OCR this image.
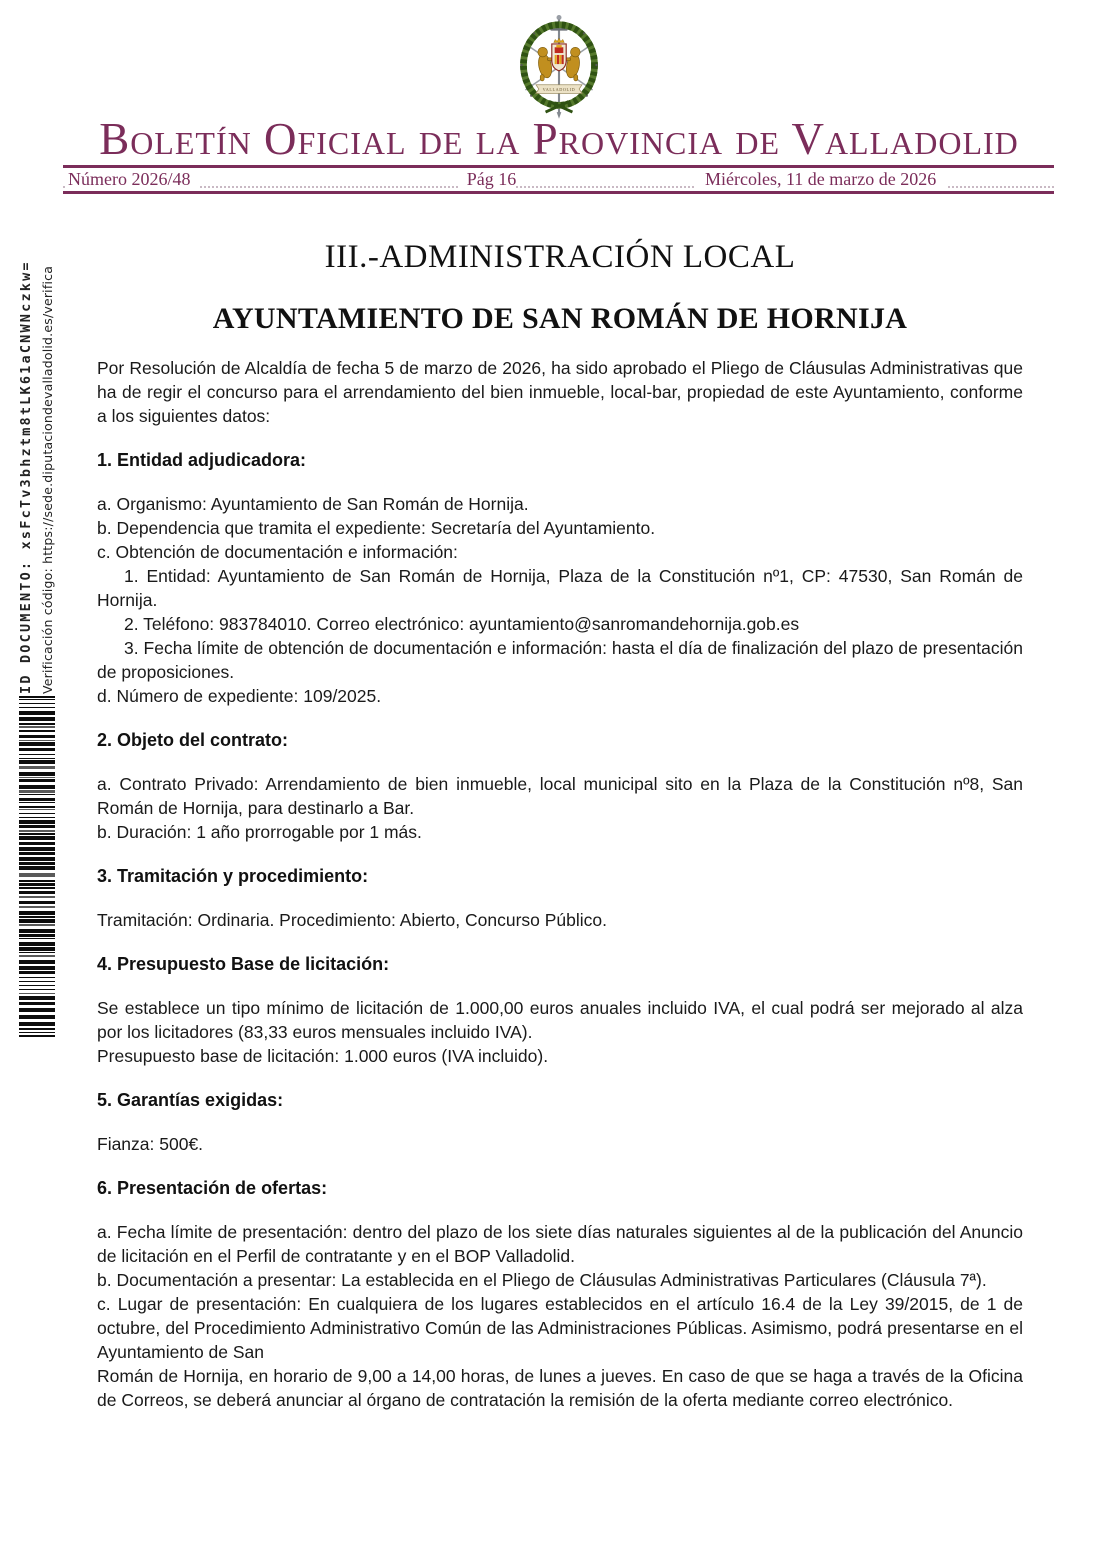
ID DOCUMENTO: xsFcTv3bhztm8tLK61aCNWNczkw= Verificación código: https://sede.diputaciondevalladolid.es/verifica
VALLADOLID
Boletín Oficial de la Provincia de Valladolid
Número 2026/48	Miércoles, 11 de marzo de 2026 Pág 16
III.-ADMINISTRACIÓN LOCAL
AYUNTAMIENTO DE SAN ROMÁN DE HORNIJA

Por Resolución de Alcaldía de fecha 5 de marzo de 2026, ha sido aprobado el Pliego de Cláusulas Administrativas que ha de regir el concurso para el arrendamiento del bien inmueble, local-bar, propiedad de este Ayuntamiento, conforme a los siguientes datos:

1. Entidad adjudicadora:

a. Organismo: Ayuntamiento de San Román de Hornija.

b. Dependencia que tramita el expediente: Secretaría del Ayuntamiento.

c. Obtención de documentación e información:

1. Entidad: Ayuntamiento de San Román de Hornija, Plaza de la Constitución nº1, CP: 47530, San Román de Hornija.

2. Teléfono: 983784010. Correo electrónico: ayuntamiento@sanromandehornija.gob.es

3. Fecha límite de obtención de documentación e información: hasta el día de finalización del plazo de presentación de proposiciones.

d. Número de expediente: 109/2025.

2. Objeto del contrato:

a. Contrato Privado: Arrendamiento de bien inmueble, local municipal sito en la Plaza de la Constitución nº8, San Román de Hornija, para destinarlo a Bar.

b. Duración: 1 año prorrogable por 1 más.

3. Tramitación y procedimiento:

Tramitación: Ordinaria. Procedimiento: Abierto, Concurso Público.

4. Presupuesto Base de licitación:

Se establece un tipo mínimo de licitación de 1.000,00 euros anuales incluido IVA, el cual podrá ser mejorado al alza por los licitadores (83,33 euros mensuales incluido IVA).

Presupuesto base de licitación: 1.000 euros (IVA incluido).

5. Garantías exigidas:

Fianza: 500€.

6. Presentación de ofertas:

a. Fecha límite de presentación: dentro del plazo de los siete días naturales siguientes al de la publicación del Anuncio de licitación en el Perfil de contratante y en el BOP Valladolid.

b. Documentación a presentar: La establecida en el Pliego de Cláusulas Administrativas Particulares (Cláusula 7ª).

c. Lugar de presentación: En cualquiera de los lugares establecidos en el artículo 16.4 de la Ley 39/2015, de 1 de octubre, del Procedimiento Administrativo Común de las Administraciones Públicas. Asimismo, podrá presentarse en el Ayuntamiento de San

Román de Hornija, en horario de 9,00 a 14,00 horas, de lunes a jueves. En caso de que se haga a través de la Oficina de Correos, se deberá anunciar al órgano de contratación la remisión de la oferta mediante correo electrónico.
